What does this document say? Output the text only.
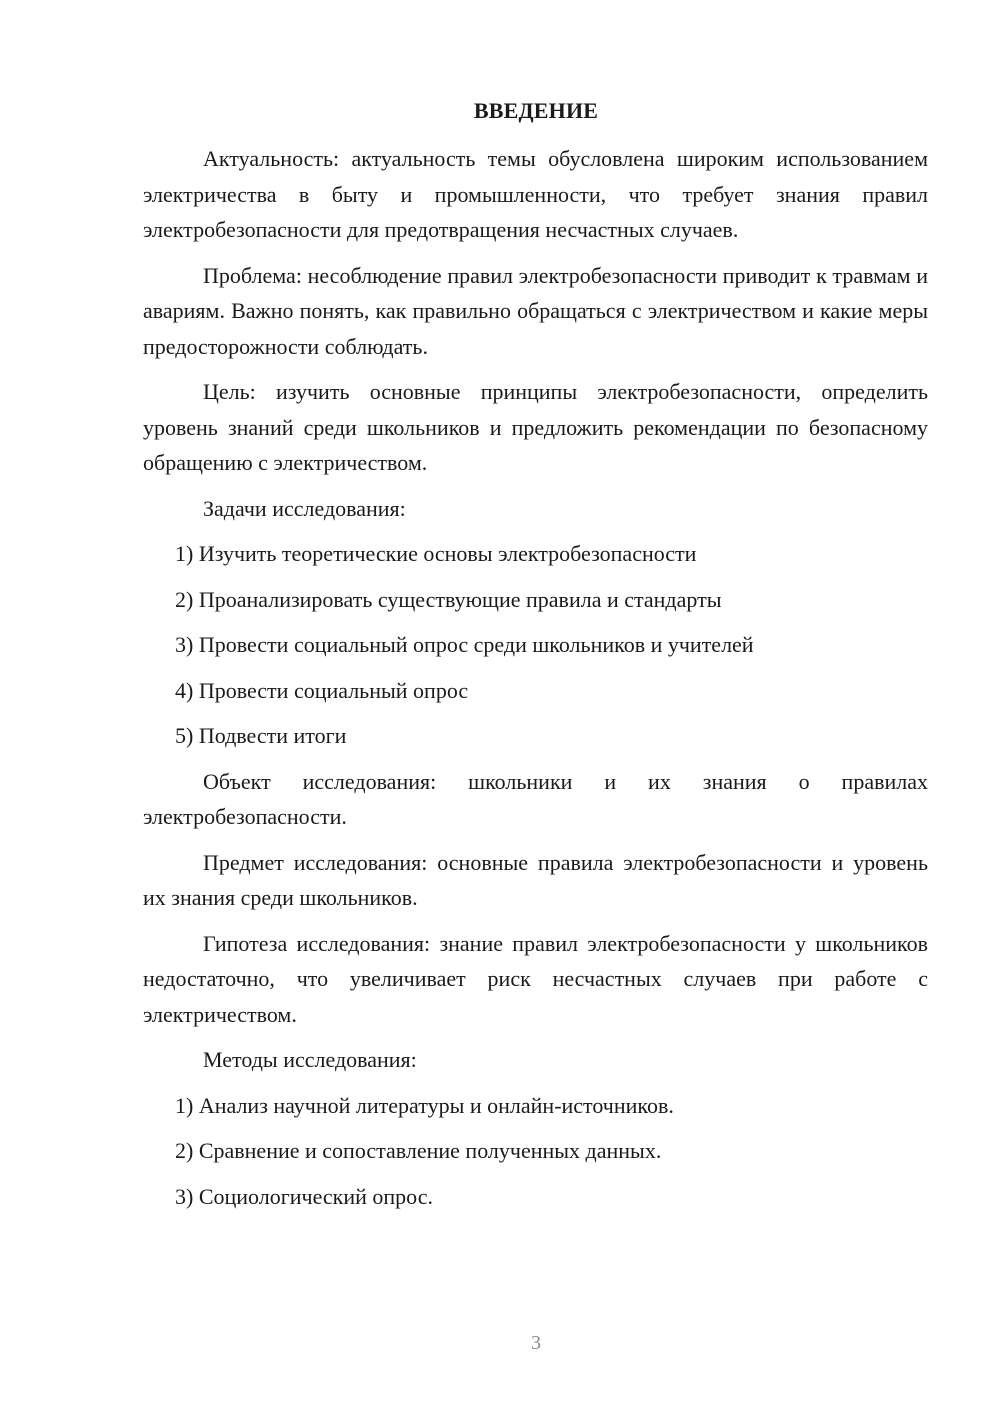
ВВЕДЕНИЕ

Актуальность: актуальность темы обусловлена широким использованием электричества в быту и промышленности, что требует знания правил электробезопасности для предотвращения несчастных случаев.

Проблема: несоблюдение правил электробезопасности приводит к травмам и авариям. Важно понять, как правильно обращаться с электричеством и какие меры предосторожности соблюдать.

Цель: изучить основные принципы электробезопасности, определить уровень знаний среди школьников и предложить рекомендации по безопасному обращению с электричеством.

Задачи исследования:

1) Изучить теоретические основы электробезопасности
2) Проанализировать существующие правила и стандарты
3) Провести социальный опрос среди школьников и учителей
4) Провести социальный опрос
5) Подвести итоги

Объект исследования: школьники и их знания о правилах электробезопасности.

Предмет исследования: основные правила электробезопасности и уровень их знания среди школьников.

Гипотеза исследования: знание правил электробезопасности у школьников недостаточно, что увеличивает риск несчастных случаев при работе с электричеством.

Методы исследования:

1) Анализ научной литературы и онлайн-источников.
2) Сравнение и сопоставление полученных данных.
3) Социологический опрос.
3
